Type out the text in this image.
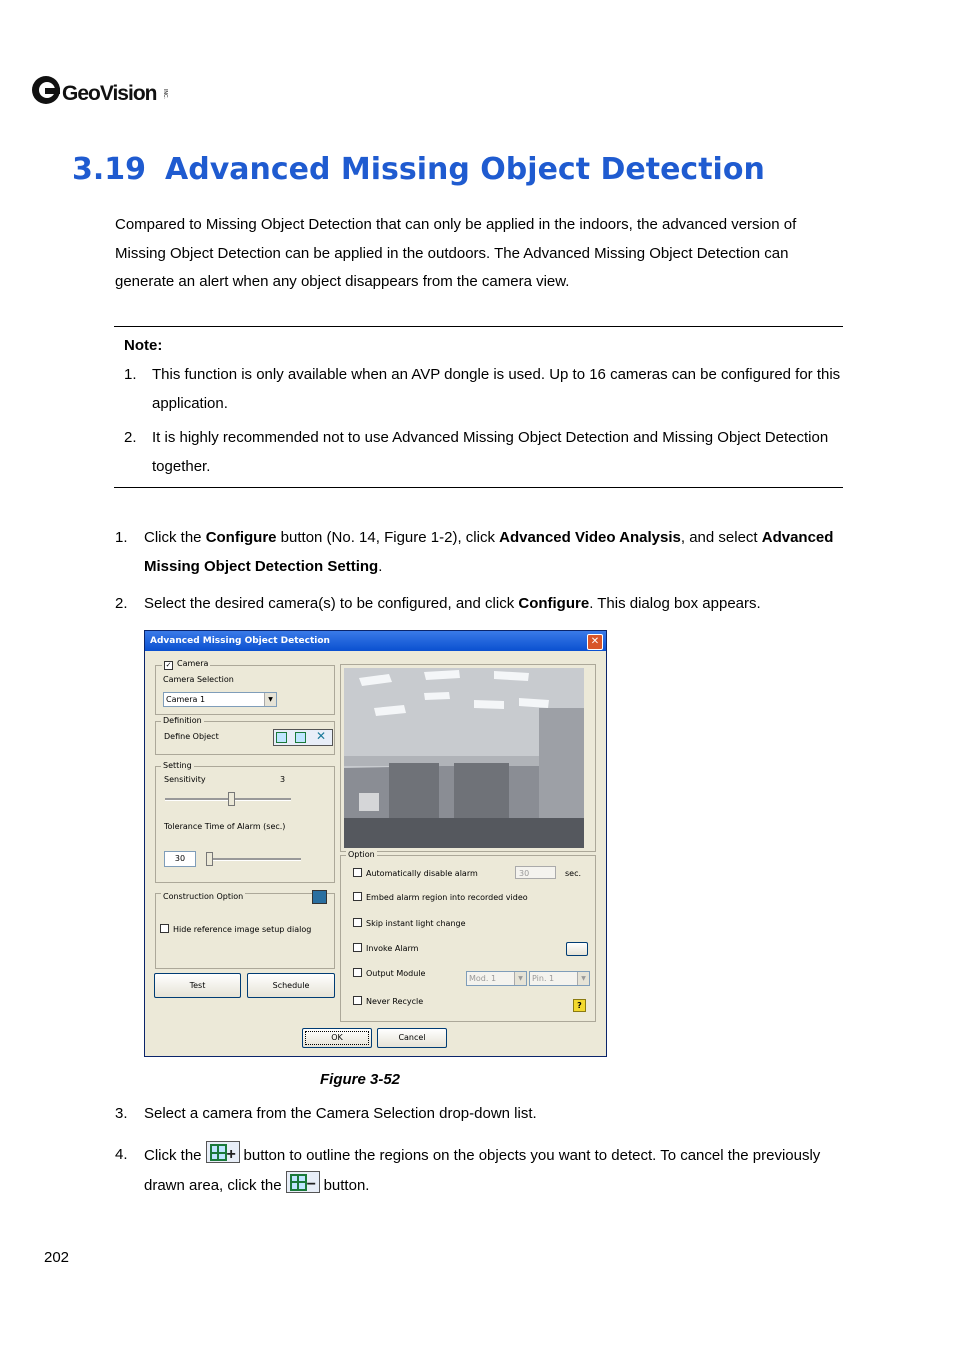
GeoVision INC.
3.19 Advanced Missing Object Detection
Compared to Missing Object Detection that can only be applied in the indoors, the advanced version of Missing Object Detection can be applied in the outdoors. The Advanced Missing Object Detection can generate an alert when any object disappears from the camera view.
Note:
1. This function is only available when an AVP dongle is used. Up to 16 cameras can be configured for this application.
2. It is highly recommended not to use Advanced Missing Object Detection and Missing Object Detection together.
1. Click the Configure button (No. 14, Figure 1-2), click Advanced Video Analysis, and select Advanced Missing Object Detection Setting.
2. Select the desired camera(s) to be configured, and click Configure. This dialog box appears.
Advanced Missing Object Detection	✕
✓ Camera
Camera Selection
Camera 1	▼
Definition
Define Object	✕
Setting
Sensitivity	3
Tolerance Time of Alarm (sec.)
30
Construction Option
Hide reference image setup dialog
Test	Schedule
Option
Automatically disable alarm	30	sec.
Embed alarm region into recorded video
Skip instant light change
Invoke Alarm
Output Module
Mod. 1	▼	Pin. 1	▼
Never Recycle	?
OK	Cancel
Figure 3-52
3. Select a camera from the Camera Selection drop-down list.
4. Click the + button to outline the regions on the objects you want to detect. To cancel the previously drawn area, click the − button.
202
